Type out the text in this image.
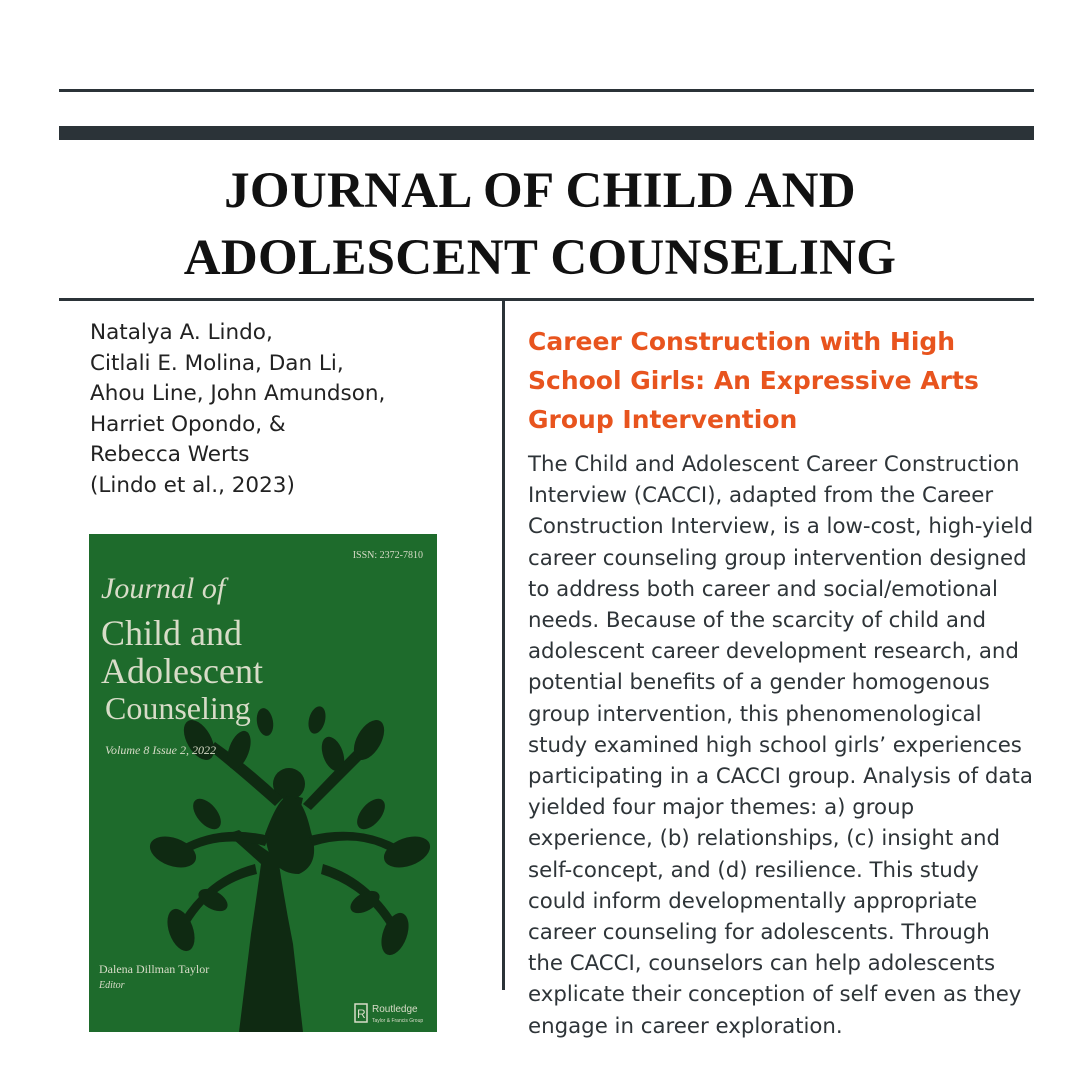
JOURNAL OF CHILD AND
ADOLESCENT COUNSELING
Natalya A. Lindo,
Citlali E. Molina, Dan Li,
Ahou Line, John Amundson,
Harriet Opondo, &
Rebecca Werts
(Lindo et al., 2023)
R
ISSN: 2372-7810
Journal of
Child and
Adolescent
Counseling
Volume 8 Issue 2, 2022
Dalena Dillman Taylor
Editor
Routledge
Taylor & Francis Group
Career Construction with High
School Girls: An Expressive Arts
Group Intervention
The Child and Adolescent Career Construction
Interview (CACCI), adapted from the Career
Construction Interview, is a low-cost, high-yield
career counseling group intervention designed
to address both career and social/emotional
needs. Because of the scarcity of child and
adolescent career development research, and
potential benefits of a gender homogenous
group intervention, this phenomenological
study examined high school girls’ experiences
participating in a CACCI group. Analysis of data
yielded four major themes: a) group
experience, (b) relationships, (c) insight and
self-concept, and (d) resilience. This study
could inform developmentally appropriate
career counseling for adolescents. Through
the CACCI, counselors can help adolescents
explicate their conception of self even as they
engage in career exploration.
